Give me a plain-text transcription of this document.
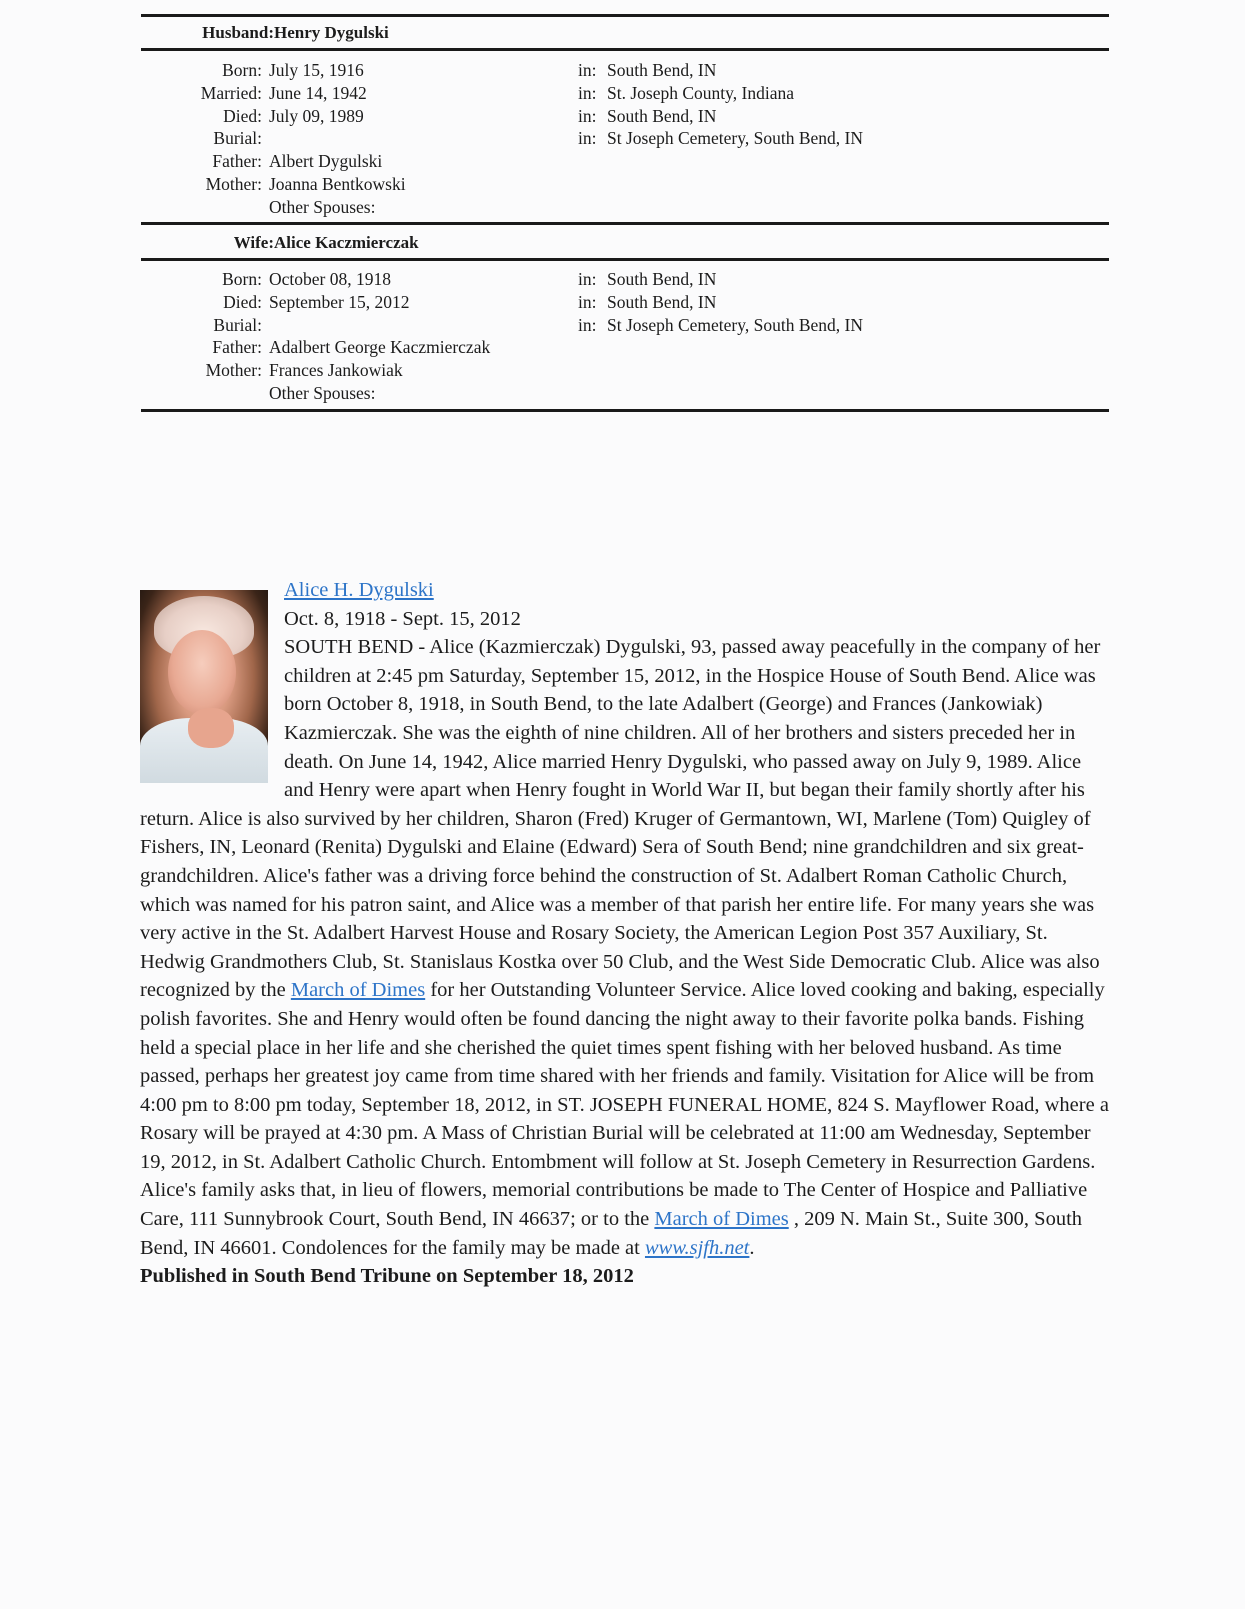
Husband: Henry Dygulski
Born: July 15, 1916	in: South Bend, IN
Married: June 14, 1942	in: St. Joseph County, Indiana
Died: July 09, 1989	in: South Bend, IN
Burial:	in: St Joseph Cemetery, South Bend, IN
Father: Albert Dygulski
Mother: Joanna Bentkowski
Other Spouses:
Wife: Alice Kaczmierczak
Born: October 08, 1918	in: South Bend, IN
Died: September 15, 2012	in: South Bend, IN
Burial:	in: St Joseph Cemetery, South Bend, IN
Father: Adalbert George Kaczmierczak
Mother: Frances Jankowiak
Other Spouses:
Alice H. Dygulski
Oct. 8, 1918 - Sept. 15, 2012
SOUTH BEND - Alice (Kazmierczak) Dygulski, 93, passed away peacefully in the company of her children at 2:45 pm Saturday, September 15, 2012, in the Hospice House of South Bend. Alice was born October 8, 1918, in South Bend, to the late Adalbert (George) and Frances (Jankowiak) Kazmierczak. She was the eighth of nine children. All of her brothers and sisters preceded her in death. On June 14, 1942, Alice married Henry Dygulski, who passed away on July 9, 1989. Alice and Henry were apart when Henry fought in World War II, but began their family shortly after his return. Alice is also survived by her children, Sharon (Fred) Kruger of Germantown, WI, Marlene (Tom) Quigley of Fishers, IN, Leonard (Renita) Dygulski and Elaine (Edward) Sera of South Bend; nine grandchildren and six great-grandchildren. Alice's father was a driving force behind the construction of St. Adalbert Roman Catholic Church, which was named for his patron saint, and Alice was a member of that parish her entire life. For many years she was very active in the St. Adalbert Harvest House and Rosary Society, the American Legion Post 357 Auxiliary, St. Hedwig Grandmothers Club, St. Stanislaus Kostka over 50 Club, and the West Side Democratic Club. Alice was also recognized by the March of Dimes for her Outstanding Volunteer Service. Alice loved cooking and baking, especially polish favorites. She and Henry would often be found dancing the night away to their favorite polka bands. Fishing held a special place in her life and she cherished the quiet times spent fishing with her beloved husband. As time passed, perhaps her greatest joy came from time shared with her friends and family. Visitation for Alice will be from 4:00 pm to 8:00 pm today, September 18, 2012, in ST. JOSEPH FUNERAL HOME, 824 S. Mayflower Road, where a Rosary will be prayed at 4:30 pm. A Mass of Christian Burial will be celebrated at 11:00 am Wednesday, September 19, 2012, in St. Adalbert Catholic Church. Entombment will follow at St. Joseph Cemetery in Resurrection Gardens. Alice's family asks that, in lieu of flowers, memorial contributions be made to The Center of Hospice and Palliative Care, 111 Sunnybrook Court, South Bend, IN 46637; or to the March of Dimes , 209 N. Main St., Suite 300, South Bend, IN 46601. Condolences for the family may be made at www.sjfh.net.
Published in South Bend Tribune on September 18, 2012
